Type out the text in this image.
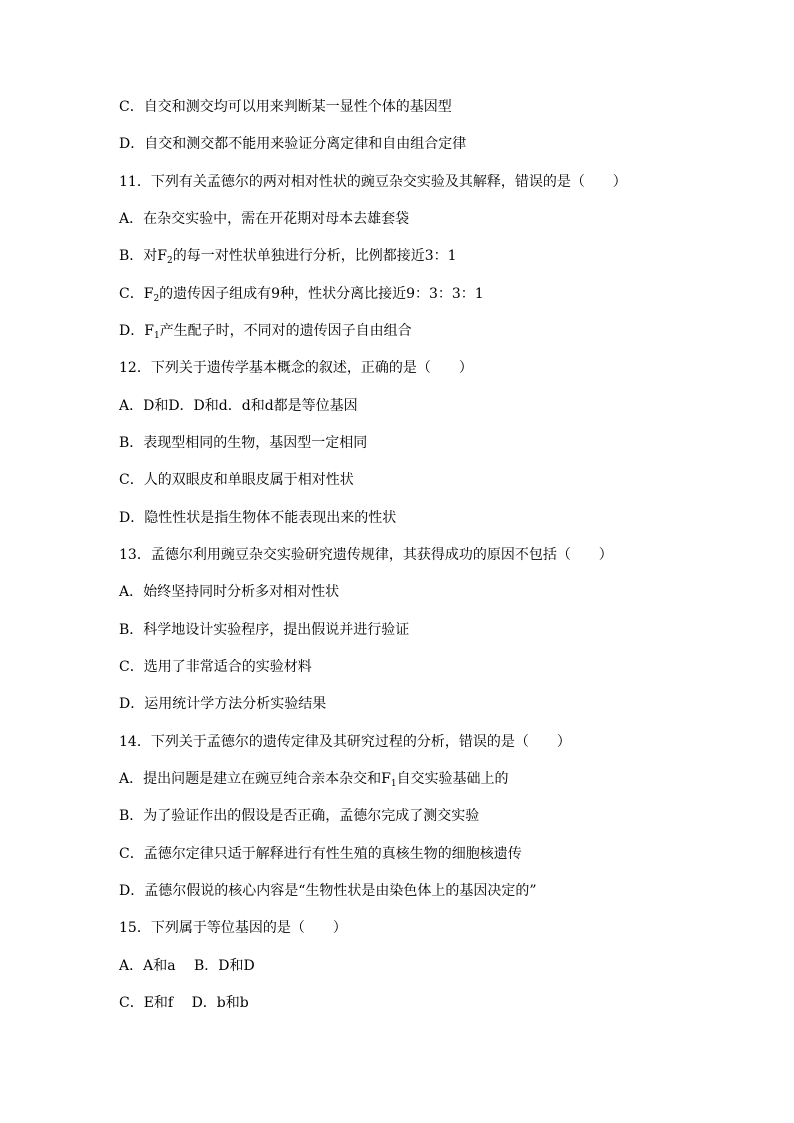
C．自交和测交均可以用来判断某一显性个体的基因型
D．自交和测交都不能用来验证分离定律和自由组合定律
11．下列有关孟德尔的两对相对性状的豌豆杂交实验及其解释，错误的是（　　）
A．在杂交实验中，需在开花期对母本去雄套袋
B．对$F_2$的每一对性状单独进行分析，比例都接近3：1
C．$F_2$的遗传因子组成有9种，性状分离比接近9：3：3：1
D．$F_1$产生配子时，不同对的遗传因子自由组合
12．下列关于遗传学基本概念的叙述，正确的是（　　）
A．D和D．D和d．d和d都是等位基因
B．表现型相同的生物，基因型一定相同
C．人的双眼皮和单眼皮属于相对性状
D．隐性性状是指生物体不能表现出来的性状
13．孟德尔利用豌豆杂交实验研究遗传规律，其获得成功的原因不包括（　　）
A．始终坚持同时分析多对相对性状
B．科学地设计实验程序，提出假说并进行验证
C．选用了非常适合的实验材料
D．运用统计学方法分析实验结果
14．下列关于孟德尔的遗传定律及其研究过程的分析，错误的是（　　）
A．提出问题是建立在豌豆纯合亲本杂交和$F_1$自交实验基础上的
B．为了验证作出的假设是否正确，孟德尔完成了测交实验
C．孟德尔定律只适于解释进行有性生殖的真核生物的细胞核遗传
D．孟德尔假说的核心内容是“生物性状是由染色体上的基因决定的”
15．下列属于等位基因的是（　　）
A．A和a　 B．D和D
C．E和f　 D．b和b
